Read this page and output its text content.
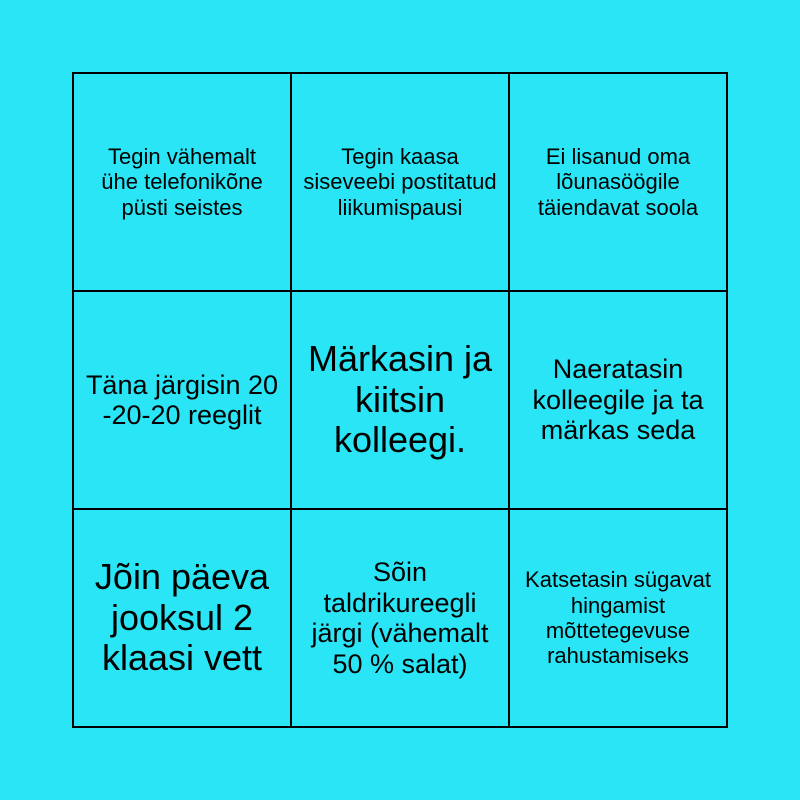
Tegin vähemalt ühe telefonikõne püsti seistes
Tegin kaasa siseveebi postitatud liikumispausi
Ei lisanud oma lõunasöögile täiendavat soola
Täna järgisin 20 -20-20 reeglit
Märkasin ja kiitsin kolleegi.
Naeratasin kolleegile ja ta märkas seda
Jõin päeva jooksul 2 klaasi vett
Sõin taldrikureegli järgi (vähemalt 50 % salat)
Katsetasin sügavat hingamist mõttetegevuse rahustamiseks
